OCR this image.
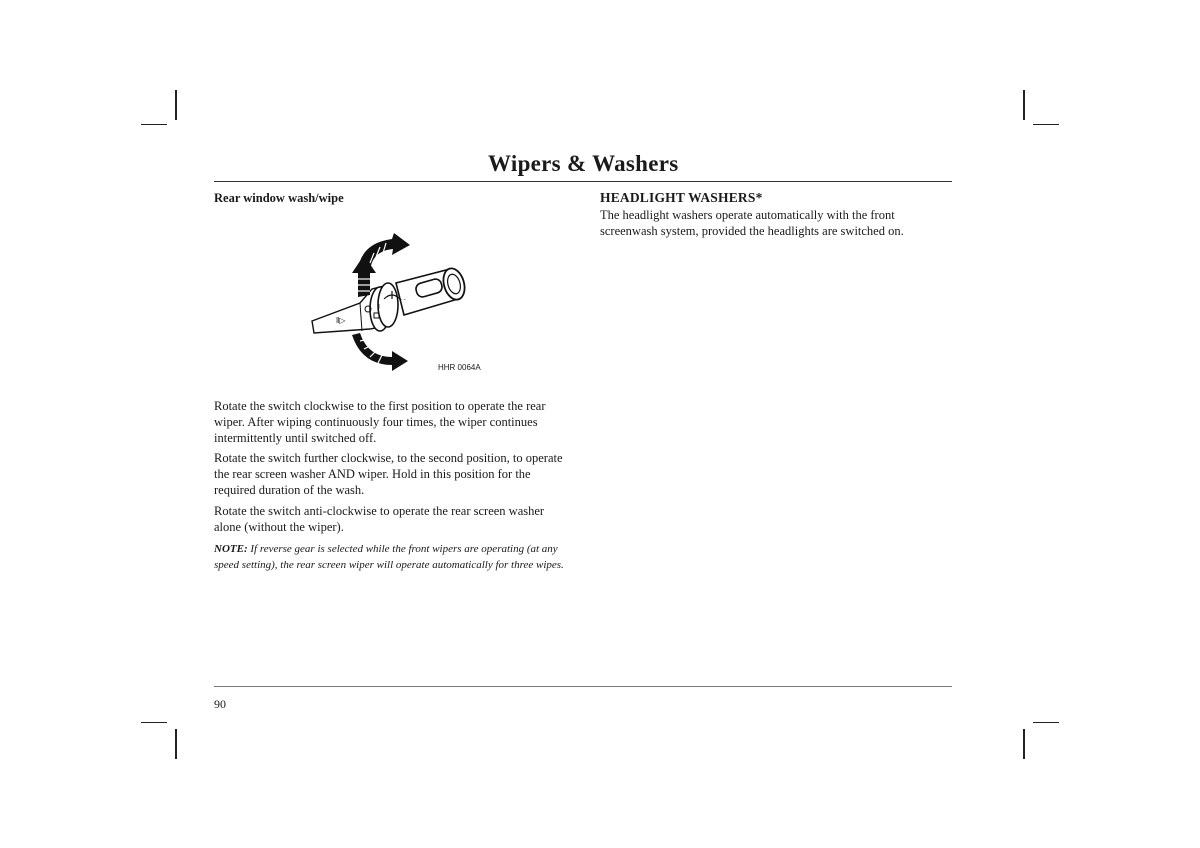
Wipers & Washers
Rear window wash/wipe
‖▷
I
- -
HHR 0064A
Rotate the switch clockwise to the first position to operate the rear wiper. After wiping continuously four times, the wiper continues intermittently until switched off.
Rotate the switch further clockwise, to the second position, to operate the rear screen washer AND wiper. Hold in this position for the required duration of the wash.
Rotate the switch anti-clockwise to operate the rear screen washer alone (without the wiper).
NOTE: If reverse gear is selected while the front wipers are operating (at any speed setting), the rear screen wiper will operate automatically for three wipes.
HEADLIGHT WASHERS*
The headlight washers operate automatically with the front screenwash system, provided the headlights are switched on.
90
